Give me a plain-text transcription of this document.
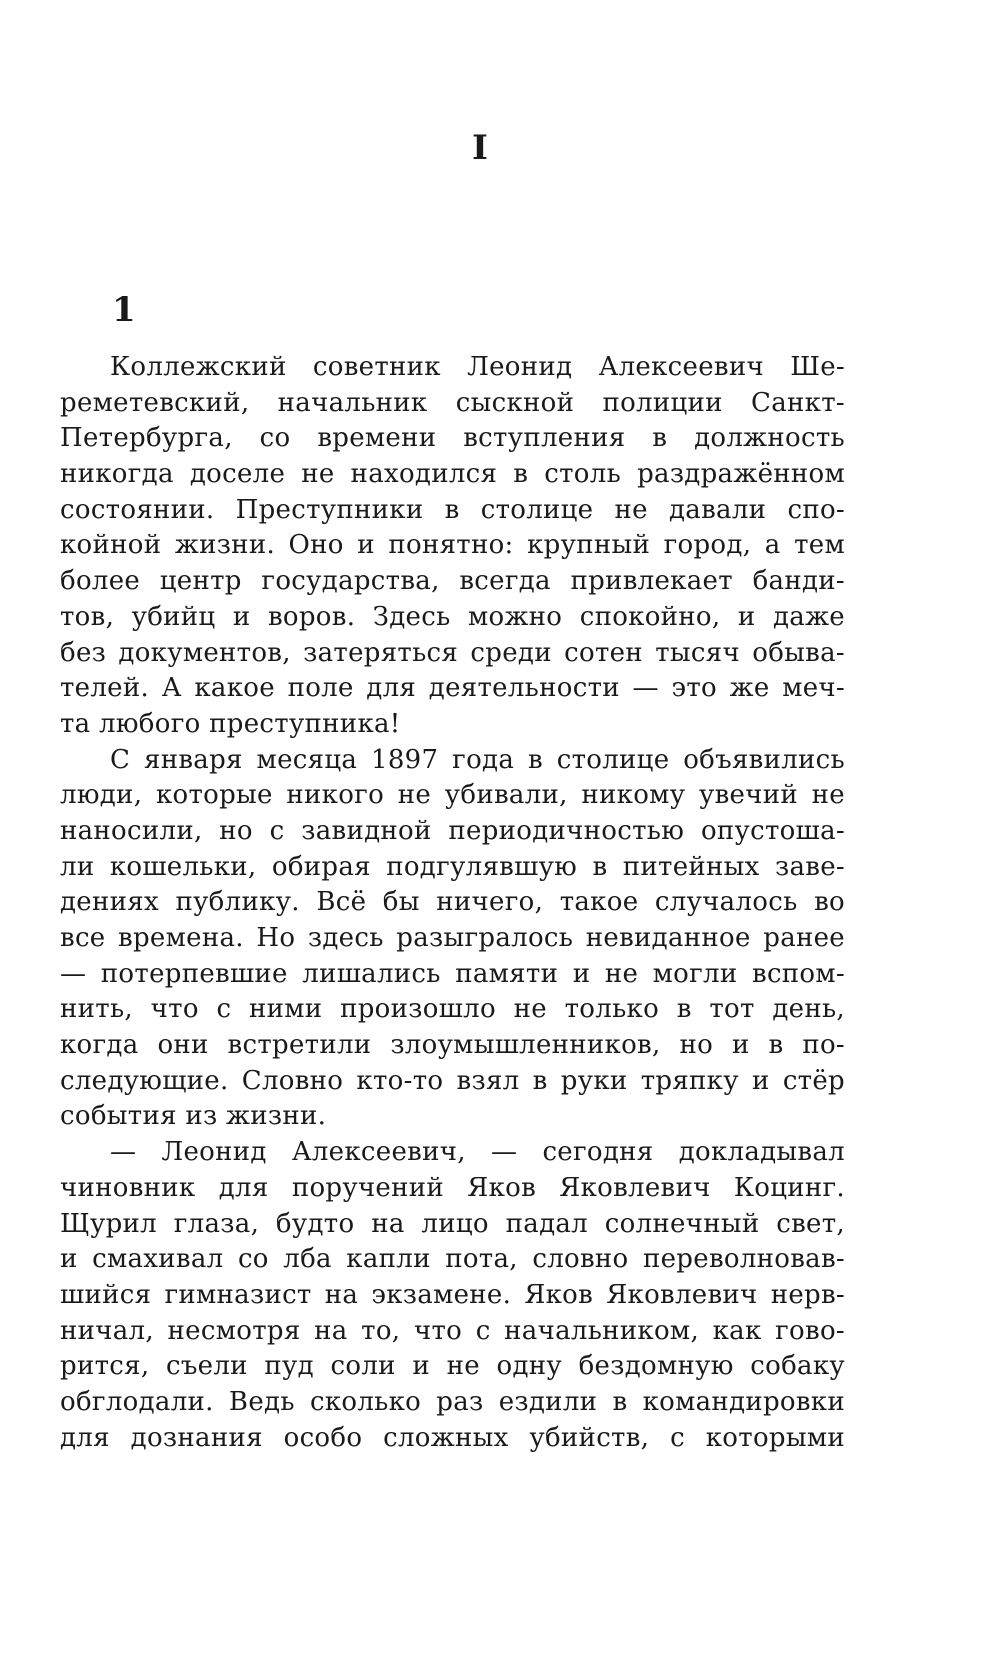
I
1
Коллежский советник Леонид Алексеевич Ше-
реметевский, начальник сыскной полиции Санкт-
Петербурга, со времени вступления в должность
никогда доселе не находился в столь раздражённом
состоянии. Преступники в столице не давали спо-
койной жизни. Оно и понятно: крупный город, а тем
более центр государства, всегда привлекает банди-
тов, убийц и воров. Здесь можно спокойно, и даже
без документов, затеряться среди сотен тысяч обыва-
телей. А какое поле для деятельности — это же меч-
та любого преступника!
С января месяца 1897 года в столице объявились
люди, которые никого не убивали, никому увечий не
наносили, но с завидной периодичностью опустоша-
ли кошельки, обирая подгулявшую в питейных заве-
дениях публику. Всё бы ничего, такое случалось во
все времена. Но здесь разыгралось невиданное ранее
— потерпевшие лишались памяти и не могли вспом-
нить, что с ними произошло не только в тот день,
когда они встретили злоумышленников, но и в по-
следующие. Словно кто-то взял в руки тряпку и стёр
события из жизни.
— Леонид Алексеевич, — сегодня докладывал
чиновник для поручений Яков Яковлевич Коцинг.
Щурил глаза, будто на лицо падал солнечный свет,
и смахивал со лба капли пота, словно переволновав-
шийся гимназист на экзамене. Яков Яковлевич нерв-
ничал, несмотря на то, что с начальником, как гово-
рится, съели пуд соли и не одну бездомную собаку
обглодали. Ведь сколько раз ездили в командировки
для дознания особо сложных убийств, с которыми
